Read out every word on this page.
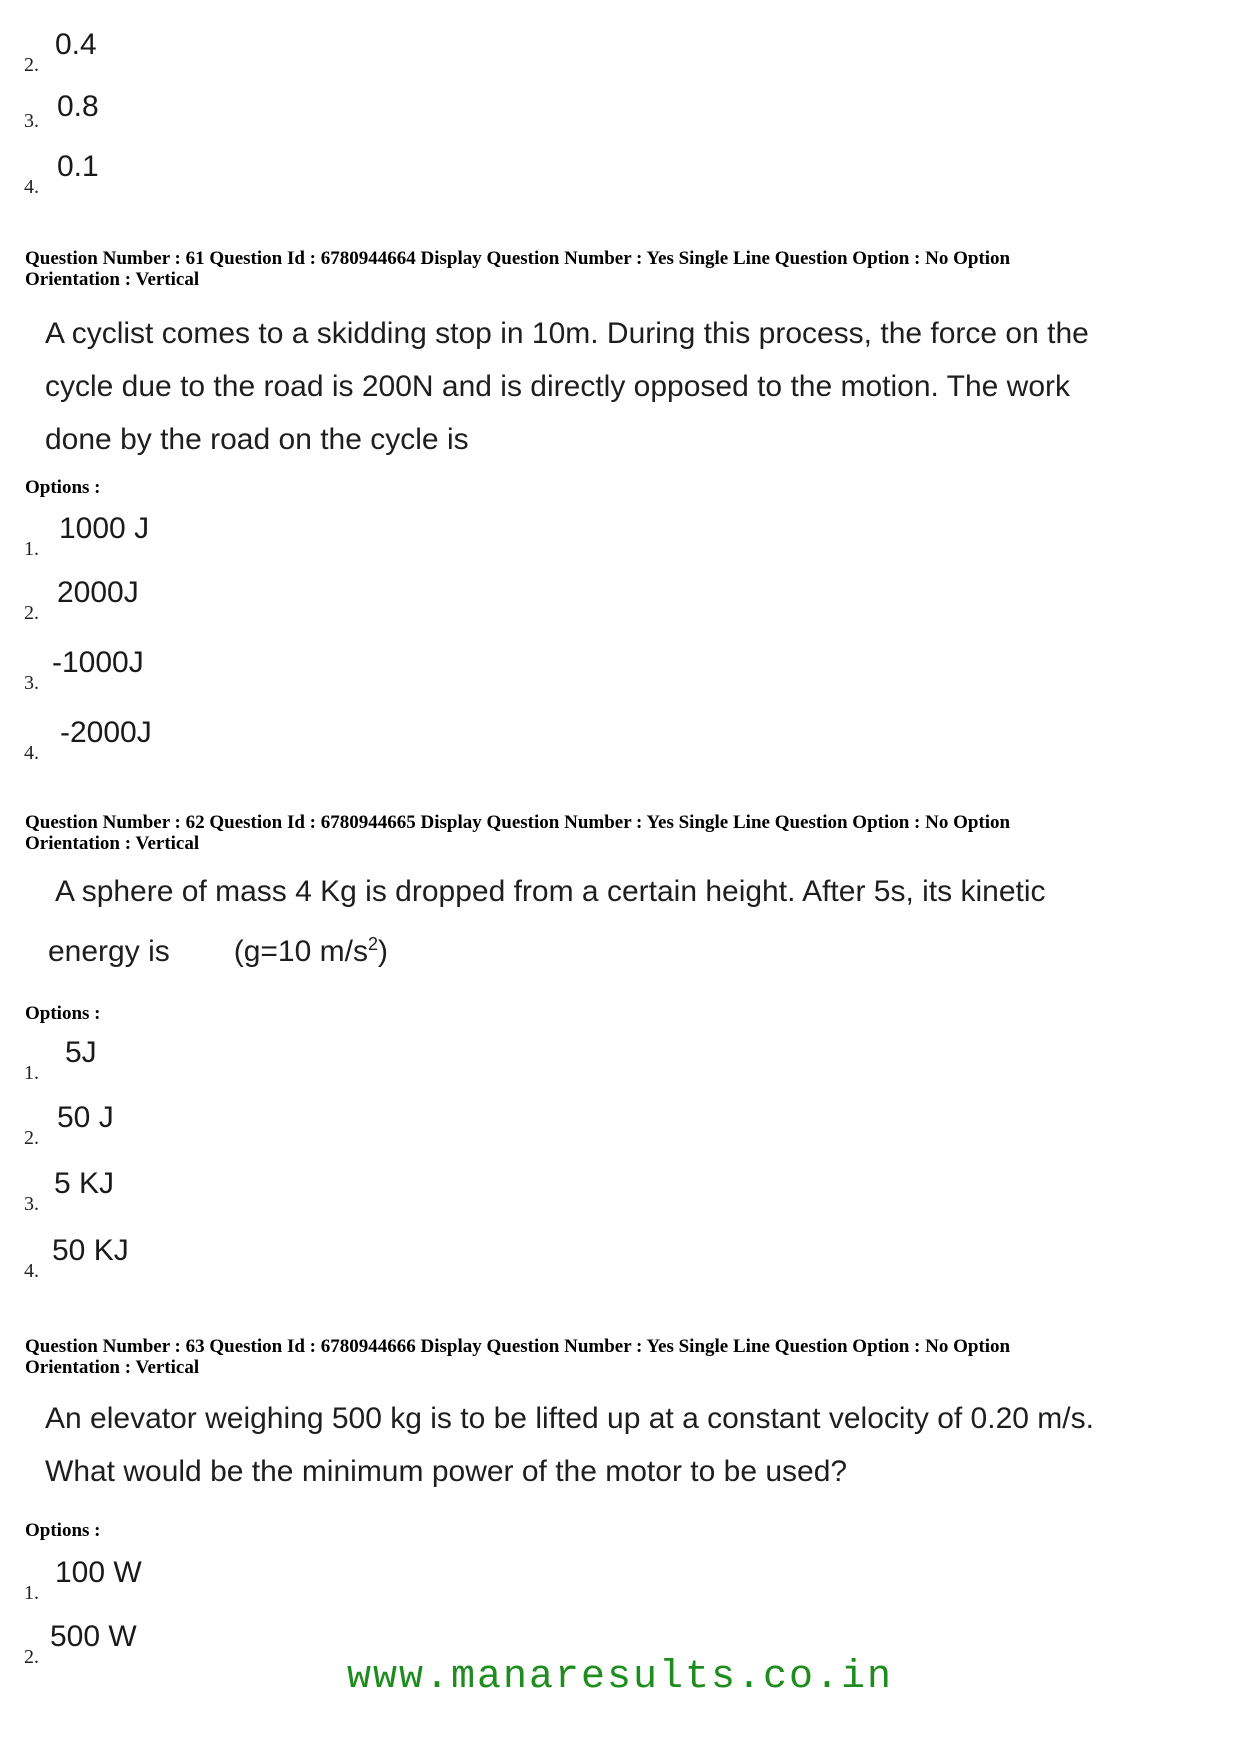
2.
0.4
3. 0.8
4.
0.1
Question Number : 61 Question Id : 6780944664 Display Question Number : Yes Single Line Question Option : No Option
Orientation : Vertical
A cyclist comes to a skidding stop in 10m. During this process, the force on the
cycle due to the road is 200N and is directly opposed to the motion. The work
done by the road on the cycle is
Options :
1.
1000 J
2.
2000J
3.
-1000J
4.
-2000J
Question Number : 62 Question Id : 6780944665 Display Question Number : Yes Single Line Question Option : No Option
Orientation : Vertical
A sphere of mass 4 Kg is dropped from a certain height. After 5s, its kinetic
energy is (g=10 $m/s^2$)
Options :
1.
5J
2.
50 J
3.
5 KJ
4.
50 KJ
Question Number : 63 Question Id : 6780944666 Display Question Number : Yes Single Line Question Option : No Option
Orientation : Vertical
An elevator weighing 500 kg is to be lifted up at a constant velocity of 0.20 m/s.
What would be the minimum power of the motor to be used?
Options :
1.
100 W
2.
500 W
www.manaresults.co.in
